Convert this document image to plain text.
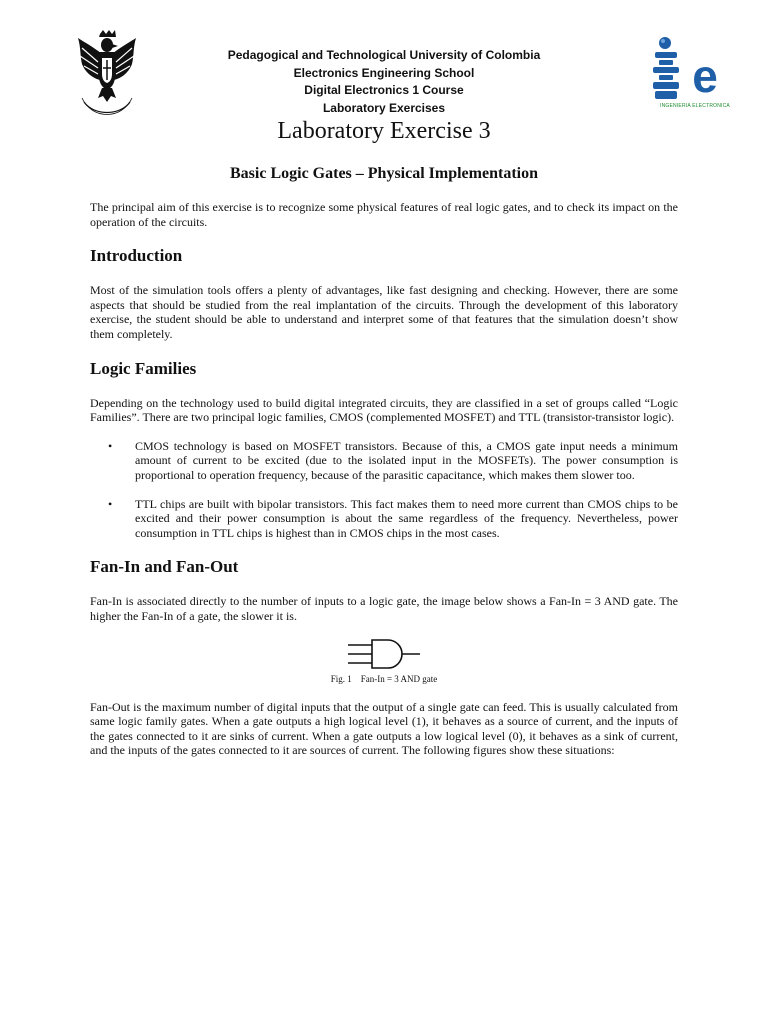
· · · · ·
e
INGENIERIA ELECTRONICA
Pedagogical and Technological University of Colombia
Electronics Engineering School
Digital Electronics 1 Course
Laboratory Exercises
Laboratory Exercise 3
Basic Logic Gates – Physical Implementation

The principal aim of this exercise is to recognize some physical features of real logic gates, and to check its impact on the operation of the circuits.

Introduction

Most of the simulation tools offers a plenty of advantages, like fast designing and checking. However, there are some aspects that should be studied from the real implantation of the circuits. Through the development of this laboratory exercise, the student should be able to understand and interpret some of that features that the simulation doesn’t show them completely.

Logic Families

Depending on the technology used to build digital integrated circuits, they are classified in a set of groups called “Logic Families”. There are two principal logic families, CMOS (complemented MOSFET) and TTL (transistor-transistor logic).

• CMOS technology is based on MOSFET transistors. Because of this, a CMOS gate input needs a minimum amount of current to be excited (due to the isolated input in the MOSFETs). The power consumption is proportional to operation frequency, because of the parasitic capacitance, which makes them slower too.
• TTL chips are built with bipolar transistors. This fact makes them to need more current than CMOS chips to be excited and their power consumption is about the same regardless of the frequency. Nevertheless, power consumption in TTL chips is highest than in CMOS chips in the most cases.
Fan-In and Fan-Out

Fan-In is associated directly to the number of inputs to a logic gate, the image below shows a Fan-In = 3 AND gate. The higher the Fan-In of a gate, the slower it is.

Fig. 1    Fan-In = 3 AND gate

Fan-Out is the maximum number of digital inputs that the output of a single gate can feed. This is usually calculated from same logic family gates. When a gate outputs a high logical level (1), it behaves as a source of current, and the inputs of the gates connected to it are sinks of current. When a gate outputs a low logical level (0), it behaves as a sink of current, and the inputs of the gates connected to it are sources of current. The following figures show these situations:
